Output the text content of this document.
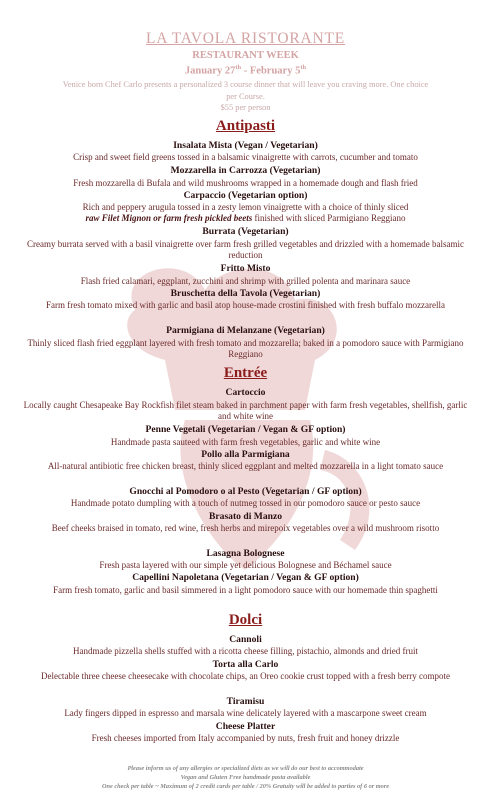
LA TAVOLA RISTORANTE
RESTAURANT WEEK
January 27th - February 5th
Venice born Chef Carlo presents a personalized 3 course dinner that will leave you craving more. One choice per Course.
$55 per person
Antipasti
Insalata Mista (Vegan / Vegetarian)
Crisp and sweet field greens tossed in a balsamic vinaigrette with carrots, cucumber and tomato
Mozzarella in Carrozza (Vegetarian)
Fresh mozzarella di Bufala and wild mushrooms wrapped in a homemade dough and flash fried
Carpaccio (Vegetarian option)
Rich and peppery arugula tossed in a zesty lemon vinaigrette with a choice of thinly sliced
raw Filet Mignon or farm fresh pickled beets finished with sliced Parmigiano Reggiano
Burrata (Vegetarian)
Creamy burrata served with a basil vinaigrette over farm fresh grilled vegetables and drizzled with a homemade balsamic reduction
Fritto Misto
Flash fried calamari, eggplant, zucchini and shrimp with grilled polenta and marinara sauce
Bruschetta della Tavola (Vegetarian)
Farm fresh tomato mixed with garlic and basil atop house-made crostini finished with fresh buffalo mozzarella
Parmigiana di Melanzane (Vegetarian)
Thinly sliced flash fried eggplant layered with fresh tomato and mozzarella; baked in a pomodoro sauce with Parmigiano Reggiano
Entrée
Cartoccio
Locally caught Chesapeake Bay Rockfish filet steam baked in parchment paper with farm fresh vegetables, shellfish, garlic and white wine
Penne Vegetali (Vegetarian / Vegan & GF option)
Handmade pasta sauteed with farm fresh vegetables, garlic and white wine
Pollo alla Parmigiana
All-natural antibiotic free chicken breast, thinly sliced eggplant and melted mozzarella in a light tomato sauce
Gnocchi al Pomodoro o al Pesto (Vegetarian / GF option)
Handmade potato dumpling with a touch of nutmeg tossed in our pomodoro sauce or pesto sauce
Brasato di Manzo
Beef cheeks braised in tomato, red wine, fresh herbs and mirepoix vegetables over a wild mushroom risotto
Lasagna Bolognese
Fresh pasta layered with our simple yet delicious Bolognese and Béchamel sauce
Capellini Napoletana (Vegetarian / Vegan & GF option)
Farm fresh tomato, garlic and basil simmered in a light pomodoro sauce with our homemade thin spaghetti
Dolci
Cannoli
Handmade pizzella shells stuffed with a ricotta cheese filling, pistachio, almonds and dried fruit
Torta alla Carlo
Delectable three cheese cheesecake with chocolate chips, an Oreo cookie crust topped with a fresh berry compote
Tiramisu
Lady fingers dipped in espresso and marsala wine delicately layered with a mascarpone sweet cream
Cheese Platter
Fresh cheeses imported from Italy accompanied by nuts, fresh fruit and honey drizzle
Please inform us of any allergies or specialized diets as we will do our best to accommodate
Vegan and Gluten Free handmade pasta available
One check per table ~ Maximum of 2 credit cards per table / 20% Gratuity will be added to parties of 6 or more
